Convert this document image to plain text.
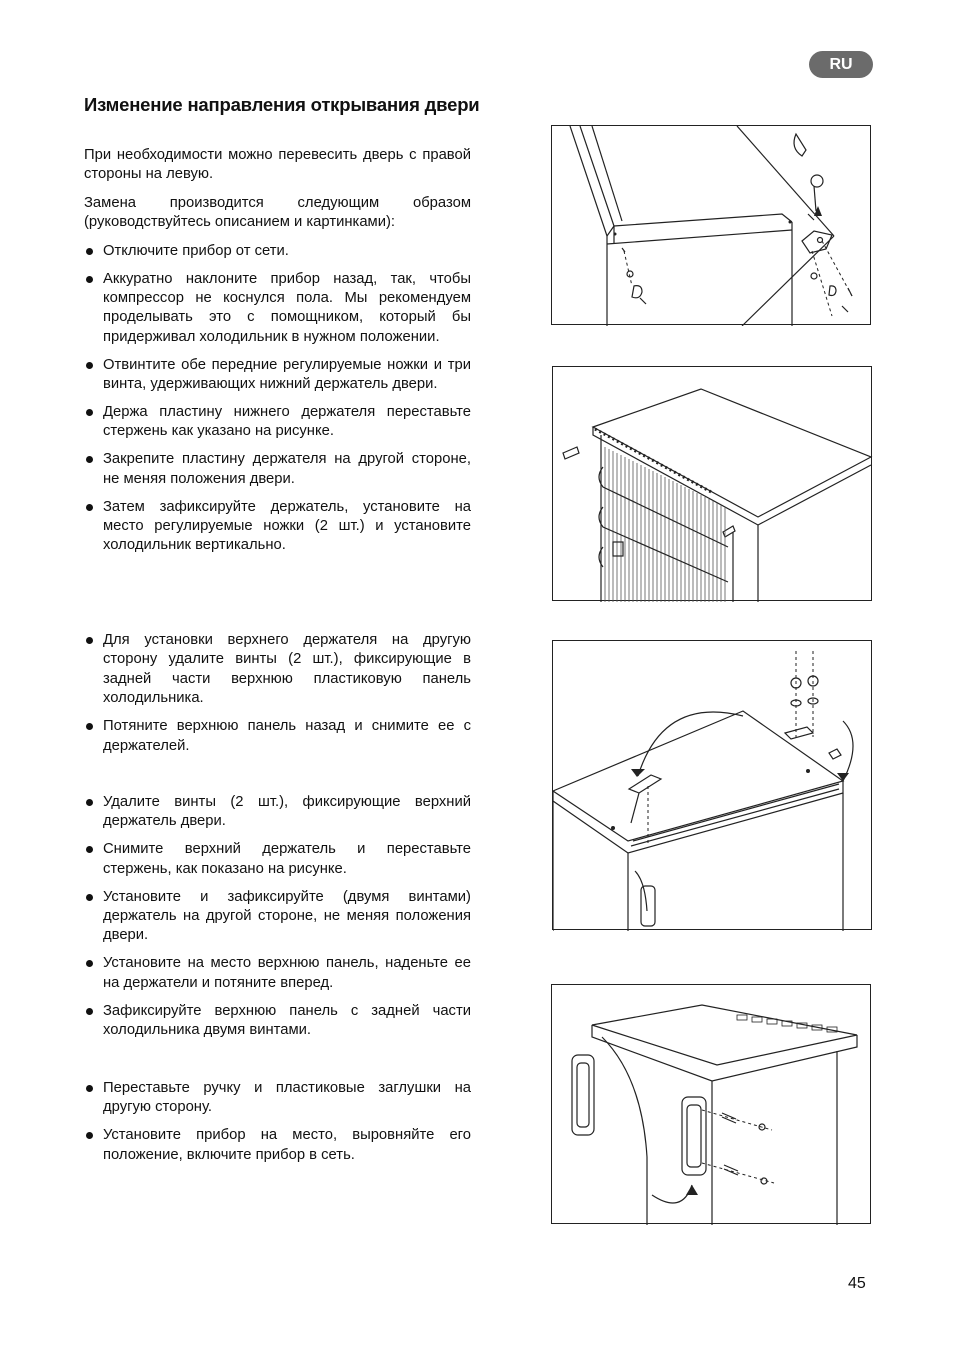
RU
Изменение направления открывания двери

При необходимости можно перевесить дверь с правой стороны на левую.

Замена производится следующим образом (руководствуйтесь описанием и картинками):

Отключите прибор от сети.
Аккуратно наклоните прибор назад, так, чтобы компрессор не коснулся пола. Мы рекомендуем проделывать это с помощником, который бы придерживал холодильник в нужном положении.
Отвинтите обе передние регулируемые ножки и три винта, удерживающих нижний держатель двери.
Держа пластину нижнего держателя переставьте стержень как указано на рисунке.
Закрепите пластину держателя на другой стороне, не меняя положения двери.
Затем зафиксируйте держатель, установите на место регулируемые ножки (2 шт.) и установите холодильник вертикально.
Для установки верхнего держателя на другую сторону удалите винты (2 шт.), фиксирующие в задней части верхнюю пластиковую панель холодильника.
Потяните верхнюю панель назад и снимите ее с держателей.
Удалите винты (2 шт.), фиксирующие верхний держатель двери.
Снимите верхний держатель и переставьте стержень, как показано на рисунке.
Установите и зафиксируйте (двумя винтами) держатель на другой стороне, не меняя положения двери.
Установите на место верхнюю панель, наденьте ее на держатели и потяните вперед.
Зафиксируйте верхнюю панель с задней части холодильника двумя винтами.
Переставьте ручку и пластиковые заглушки на другую сторону.
Установите прибор на место, выровняйте его положение, включите прибор в сеть.
45
